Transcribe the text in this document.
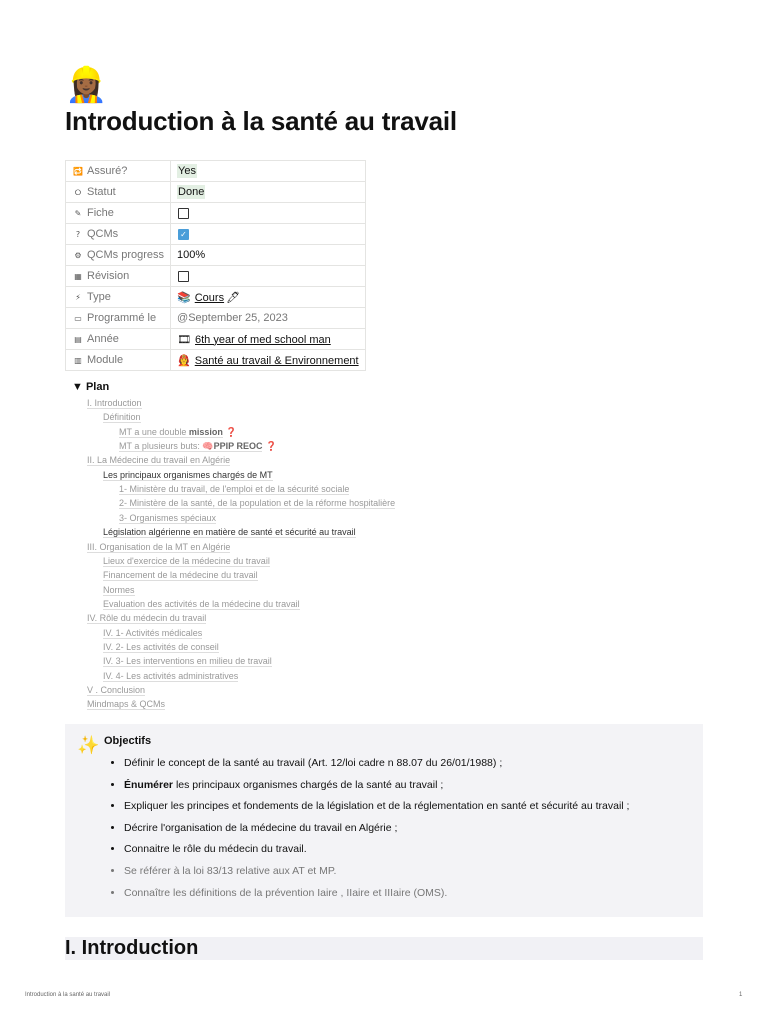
👷🏾‍♀️
Introduction à la santé au travail
🔁 Assuré?	Yes
⭘ Statut	Done
✎ Fiche	
? QCMs	✓
⚙ QCMs progress	100%
▦ Révision	
⚡ Type	📚 Cours 🖊
▭ Programmé le	@September 25, 2023
▤ Année	🎞 6th year of med school man
▥ Module	👩‍🚒 Santé au travail & Environnement
▼ Plan
I. Introduction
Définition
MT a une double mission ❓
MT a plusieurs buts: 🧠PPIP REOC ❓
II. La Médecine du travail en Algérie
Les principaux organismes chargés de MT
1- Ministère du travail, de l'emploi et de la sécurité sociale
2- Ministère de la santé, de la population et de la réforme hospitalière
3- Organismes spéciaux
Législation algérienne en matière de santé et sécurité au travail
III. Organisation de la MT en Algérie
Lieux d'exercice de la médecine du travail
Financement de la médecine du travail
Normes
Evaluation des activités de la médecine du travail
IV. Rôle du médecin du travail
IV. 1- Activités médicales
IV. 2- Les activités de conseil
IV. 3- Les interventions en milieu de travail
IV. 4- Les activités administratives
V . Conclusion
Mindmaps & QCMs
✨ Objectifs
• Définir le concept de la santé au travail (Art. 12/loi cadre n 88.07 du 26/01/1988) ;
• Énumérer les principaux organismes chargés de la santé au travail ;
• Expliquer les principes et fondements de la législation et de la réglementation en santé et sécurité au travail ;
• Décrire l'organisation de la médecine du travail en Algérie ;
• Connaitre le rôle du médecin du travail.
• Se référer à la loi 83/13 relative aux AT et MP.
• Connaître les définitions de la prévention Iaire , IIaire et IIIaire (OMS).
I. Introduction
Introduction à la santé au travail	1
